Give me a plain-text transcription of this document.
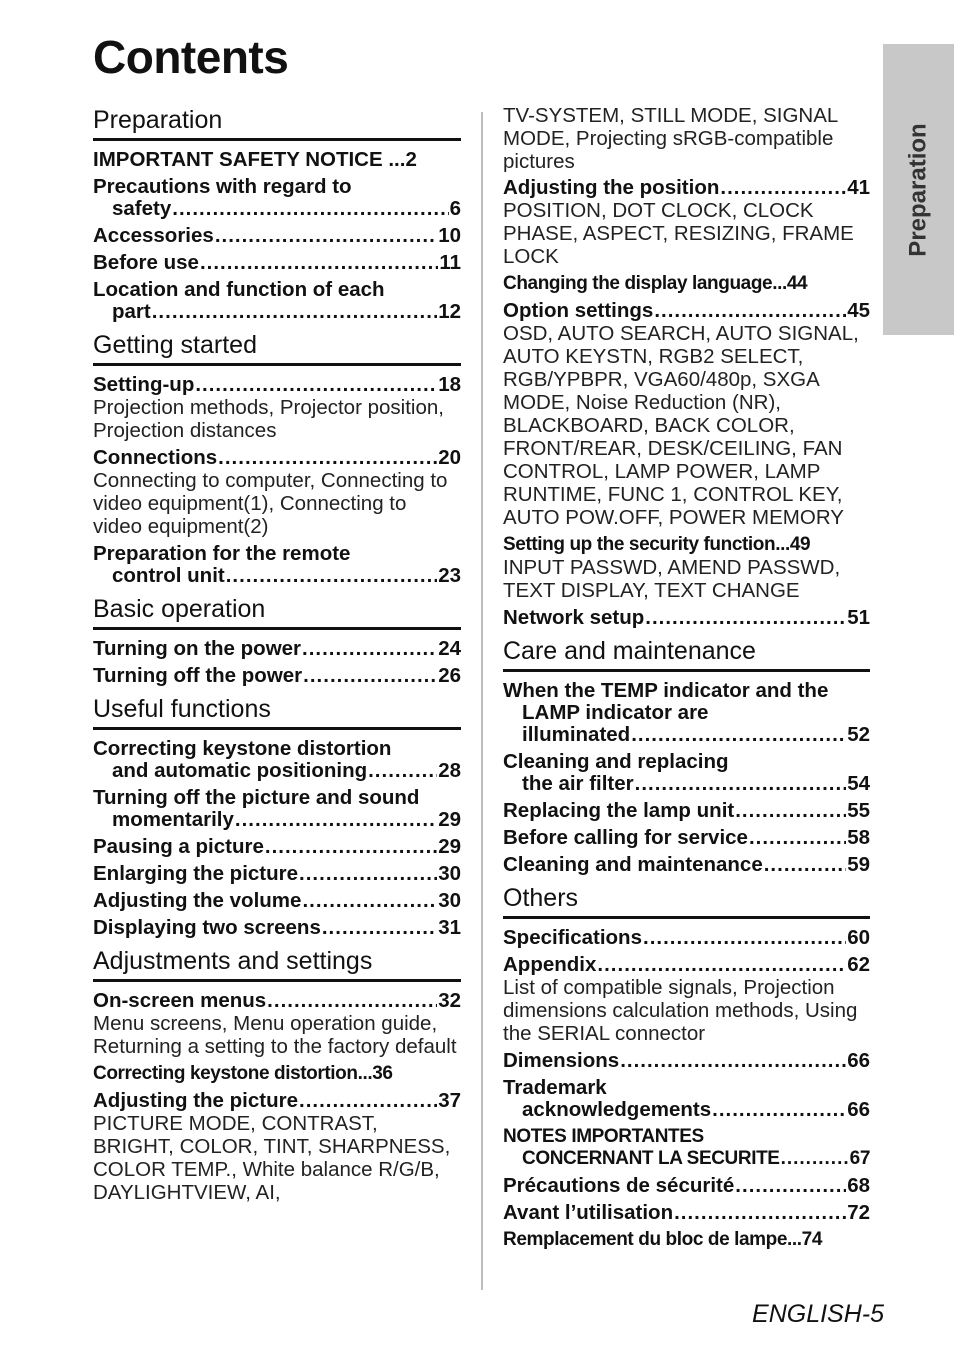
Contents
Preparation
IMPORTANT SAFETY NOTICE ...2
Precautions with regard to
safety .....	6
Accessories .....	10
Before use .....	11
Location and function of each
part .....	12
Getting started
Setting-up .....	18
Projection methods, Projector position, Projection distances
Connections .....	20
Connecting to computer, Connecting to video equipment(1), Connecting to video equipment(2)
Preparation for the remote
control unit .....	23
Basic operation
Turning on the power .....	24
Turning off the power .....	26
Useful functions
Correcting keystone distortion
and automatic positioning .....	28
Turning off the picture and sound
momentarily .....	29
Pausing a picture .....	29
Enlarging the picture .....	30
Adjusting the volume .....	30
Displaying two screens .....	31
Adjustments and settings
On-screen menus .....	32
Menu screens, Menu operation guide, Returning a setting to the factory default
Correcting keystone distortion...36
Adjusting the picture .....	37
PICTURE MODE, CONTRAST, BRIGHT, COLOR, TINT, SHARPNESS, COLOR TEMP., White balance R/G/B, DAYLIGHTVIEW, AI,
TV-SYSTEM, STILL MODE, SIGNAL MODE, Projecting sRGB-compatible pictures
Adjusting the position .....	41
POSITION, DOT CLOCK, CLOCK PHASE, ASPECT, RESIZING, FRAME LOCK
Changing the display language...44
Option settings .....	45
OSD, AUTO SEARCH, AUTO SIGNAL, AUTO KEYSTN, RGB2 SELECT, RGB/YPBPR, VGA60/480p, SXGA MODE, Noise Reduction (NR), BLACKBOARD, BACK COLOR, FRONT/REAR, DESK/CEILING, FAN CONTROL, LAMP POWER, LAMP RUNTIME, FUNC 1, CONTROL KEY, AUTO POW.OFF, POWER MEMORY
Setting up the security function...49
INPUT PASSWD, AMEND PASSWD, TEXT DISPLAY, TEXT CHANGE
Network setup .....	51
Care and maintenance
When the TEMP indicator and the
LAMP indicator are
illuminated .....	52
Cleaning and replacing
the air filter .....	54
Replacing the lamp unit .....	55
Before calling for service .....	58
Cleaning and maintenance .....	59
Others
Specifications .....	60
Appendix .....	62
List of compatible signals, Projection dimensions calculation methods, Using the SERIAL connector
Dimensions .....	66
Trademark
acknowledgements .....	66
NOTES IMPORTANTES
CONCERNANT LA SECURITE .....	67
Précautions de sécurité .....	68
Avant l’utilisation .....	72
Remplacement du bloc de lampe...74
Preparation
ENGLISH-5
